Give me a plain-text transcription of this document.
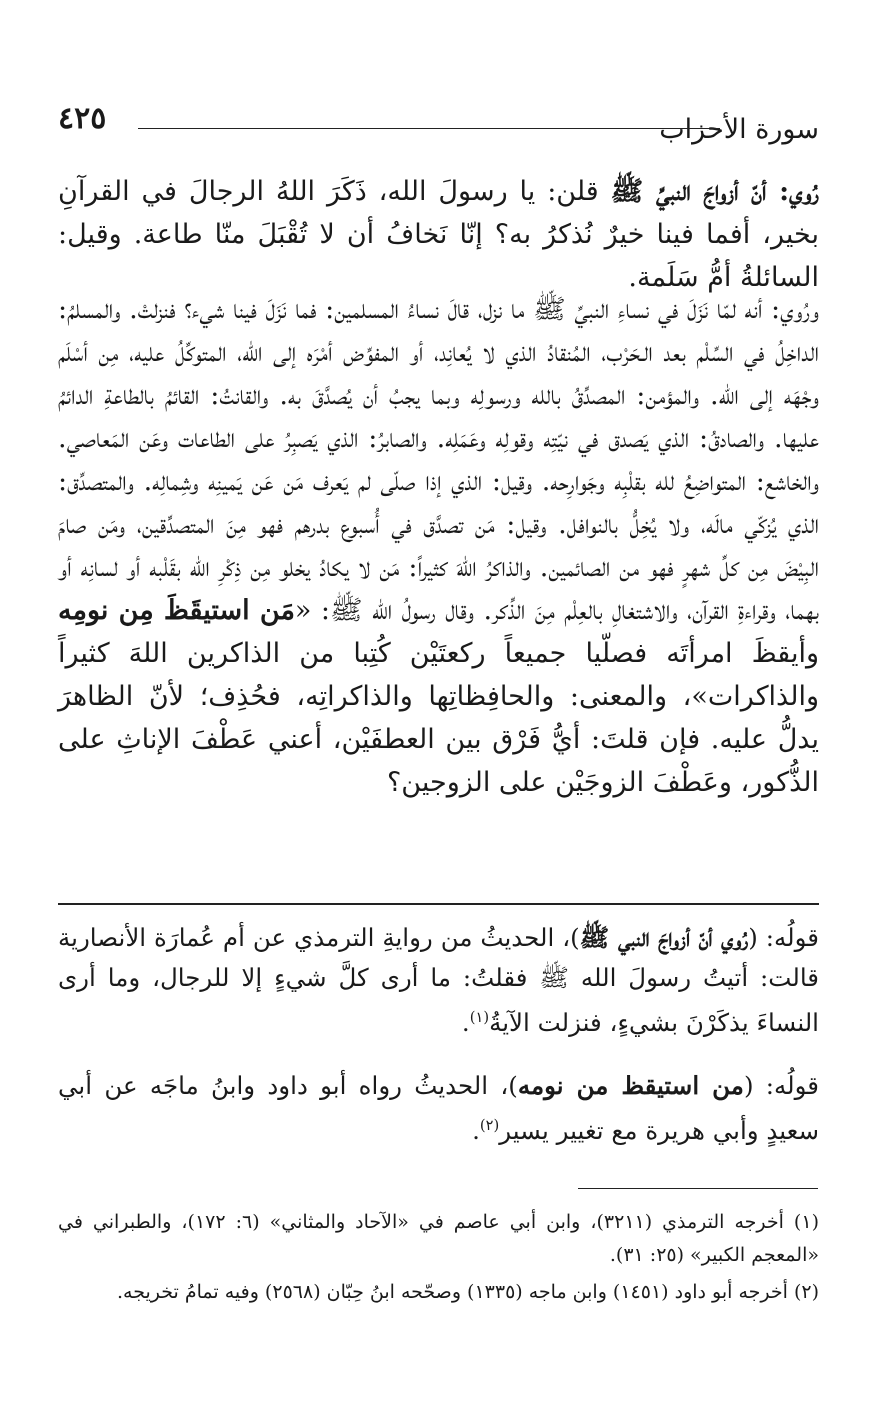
سورة الأحزاب
٤٢٥
رُوي: أنّ أزواجَ النبيِّ ﷺ قلن: يا رسولَ الله، ذَكَرَ اللهُ الرجالَ في القرآنِ بخير، أفما فينا خيرٌ نُذكرُ به؟ إنّا نَخافُ أن لا تُقْبَلَ منّا طاعة. وقيل: السائلةُ أمُّ سَلَمة.
ورُوي: أنه لمّا نَزَلَ في نساءِ النبيِّ ﷺ ما نزل، قالَ نساءُ المسلمين: فما نَزَلَ فينا شيء؟ فنزلتْ. والمسلمُ: الداخِلُ في السِّلْم بعد الـحَرْب، المُنقادُ الذي لا يُعانِد، أو المفوِّض أمْرَه إلى الله، المتوكِّلُ عليه، مِن أسْلَم وجْهَه إلى الله. والمؤمن: المصدِّقُ بالله ورسولِه وبما يجبُ أن يُصدَّقَ به. والقانتُ: القائمُ بالطاعةِ الدائمُ عليها. والصادقُ: الذي يَصدق في نيّتِه وقولِه وعَمَلِه. والصابرُ: الذي يَصبِرُ على الطاعات وعَن المَعاصي. والخاشع: المتواضِعُ لله بقلْبِه وجَوارِحه. وقيل: الذي إذا صلّى لم يَعرف مَن عَن يَمينِه وشِمالِه. والمتصدِّق: الذي يُزكّي مالَه، ولا يُخِلُّ بالنوافل. وقيل: مَن تصدَّق في أُسبوع بدرهم فهو مِنَ المتصدِّقين، ومَن صامَ البِيْضَ مِن كلِّ شهرٍ فهو من الصائمين. والذاكرُ اللهَ كثيراً: مَن لا يكادُ يخلو مِن ذِكْرِ الله بقَلْبه أو لسانِه أو بهما، وقراءةِ القرآن، والاشتغالِ بالعِلْم مِنَ الذِّكر. وقال رسولُ الله ﷺ: «مَن استيقَظَ مِن نومِه وأيقظَ امرأتَه فصلّيا جميعاً ركعتَيْن كُتِبا من الذاكرين اللهَ كثيراً والذاكرات»، والمعنى: والحافِظاتِها والذاكراتِه، فحُذِف؛ لأنّ الظاهرَ يدلُّ عليه. فإن قلتَ: أيُّ فَرْق بين العطفَيْن، أعني عَطْفَ الإناثِ على الذُّكور، وعَطْفَ الزوجَيْن على الزوجين؟
قولُه: (رُوي أنّ أزواجَ النبي ﷺ)، الحديثُ من روايةِ الترمذي عن أم عُمارَة الأنصارية قالت: أتيتُ رسولَ الله ﷺ فقلتُ: ما أرى كلَّ شيءٍ إلا للرجال، وما أرى النساءَ يذكَرْنَ بشيءٍ، فنزلت الآيةُ$^{(١)}$.
قولُه: (من استيقظ من نومه)، الحديثُ رواه أبو داود وابنُ ماجَه عن أبي سعيدٍ وأبي هريرة مع تغيير يسير$^{(٢)}$.
(١) أخرجه الترمذي (٣٢١١)، وابن أبي عاصم في «الآحاد والمثاني» (٦: ١٧٢)، والطبراني في «المعجم الكبير» (٢٥: ٣١).
(٢) أخرجه أبو داود (١٤٥١) وابن ماجه (١٣٣٥) وصحّحه ابنُ حِبّان (٢٥٦٨) وفيه تمامُ تخريجه.
